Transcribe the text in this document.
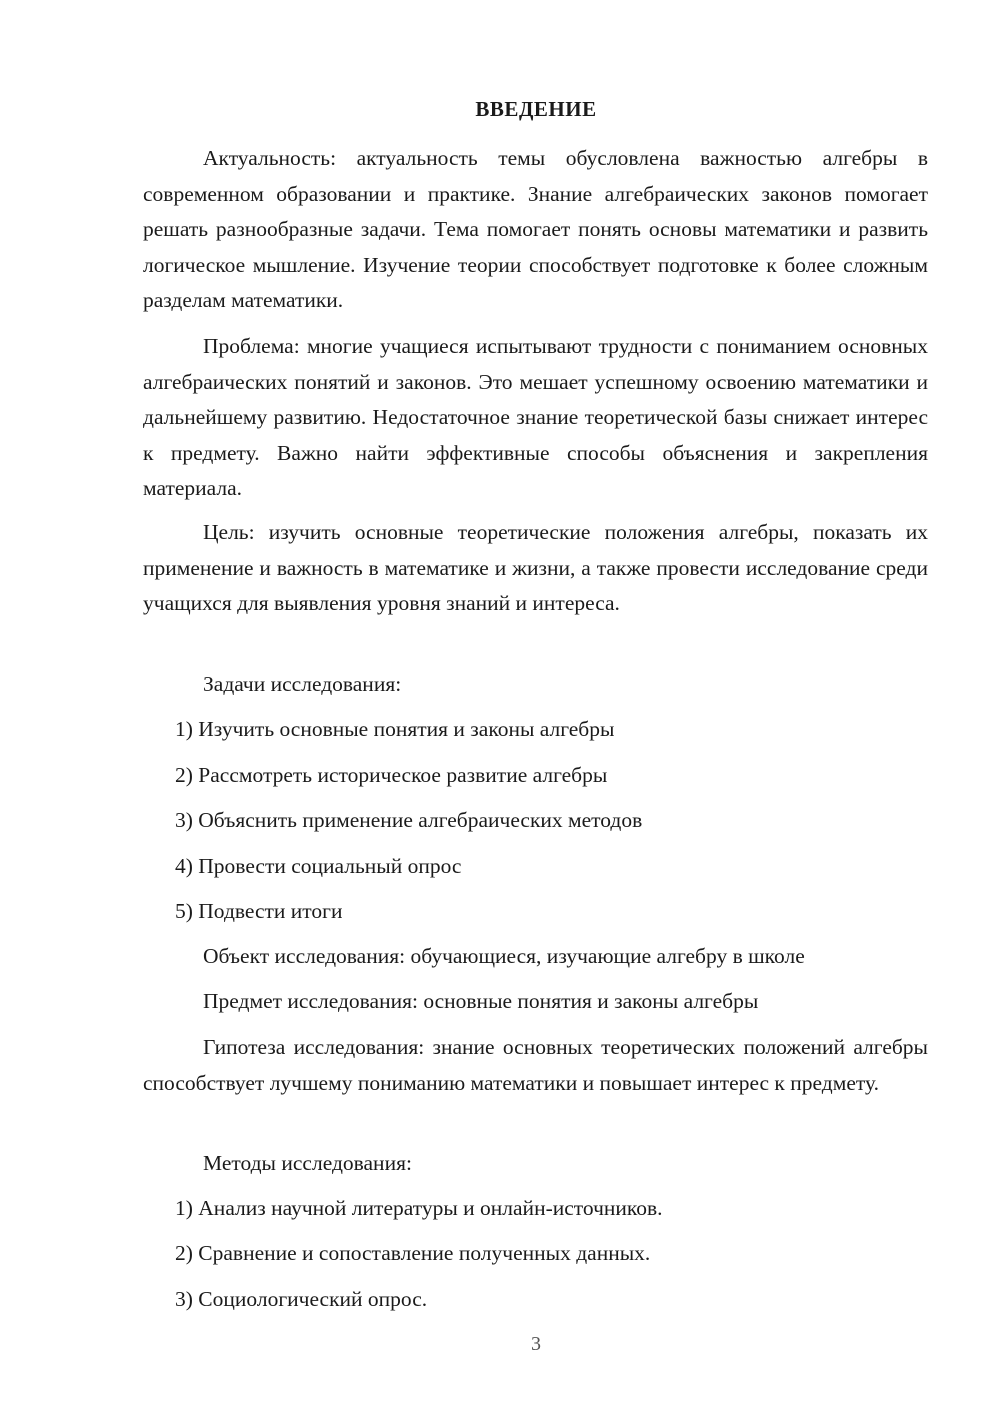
ВВЕДЕНИЕ

Актуальность: актуальность темы обусловлена важностью алгебры в современном образовании и практике. Знание алгебраических законов помогает решать разнообразные задачи. Тема помогает понять основы математики и развить логическое мышление. Изучение теории способствует подготовке к более сложным разделам математики.

Проблема: многие учащиеся испытывают трудности с пониманием основных алгебраических понятий и законов. Это мешает успешному освоению математики и дальнейшему развитию. Недостаточное знание теоретической базы снижает интерес к предмету. Важно найти эффективные способы объяснения и закрепления материала.

Цель: изучить основные теоретические положения алгебры, показать их применение и важность в математике и жизни, а также провести исследование среди учащихся для выявления уровня знаний и интереса.

Задачи исследования:

1) Изучить основные понятия и законы алгебры

2) Рассмотреть историческое развитие алгебры

3) Объяснить применение алгебраических методов

4) Провести социальный опрос

5) Подвести итоги

Объект исследования: обучающиеся, изучающие алгебру в школе

Предмет исследования: основные понятия и законы алгебры

Гипотеза исследования: знание основных теоретических положений алгебры способствует лучшему пониманию математики и повышает интерес к предмету.

Методы исследования:

1) Анализ научной литературы и онлайн-источников.

2) Сравнение и сопоставление полученных данных.

3) Социологический опрос.

3
